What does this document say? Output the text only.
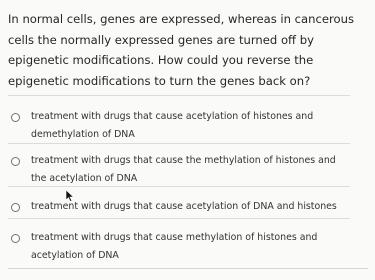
In normal cells, genes are expressed, whereas in cancerous cells the normally expressed genes are turned off by epigenetic modifications. How could you reverse the epigenetic modifications to turn the genes back on?
treatment with drugs that cause acetylation of histones and demethylation of DNA
treatment with drugs that cause the methylation of histones and the acetylation of DNA
treatment with drugs that cause acetylation of DNA and histones
treatment with drugs that cause methylation of histones and acetylation of DNA
